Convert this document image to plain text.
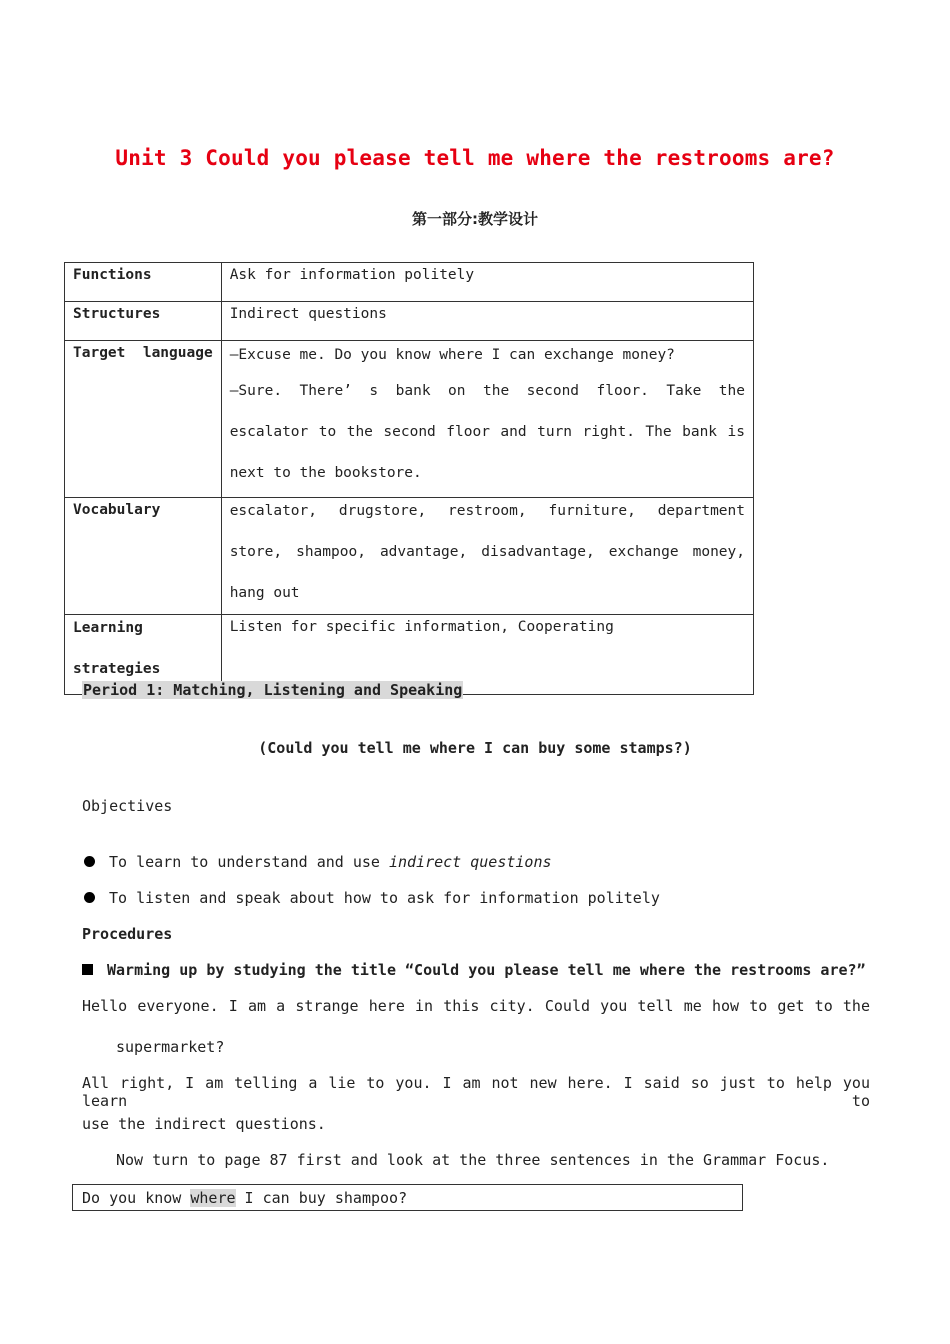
Unit 3 Could you please tell me where the restrooms are?
第一部分:教学设计
Functions	Ask for information politely
Structures	Indirect questions
Target  language	—Excuse me. Do you know where I can exchange money?
—Sure. There’ s bank on the second floor. Take the escalator to the second floor and turn right. The bank is next to the bookstore.

Vocabulary	escalator, drugstore, restroom, furniture, department store, shampoo, advantage, disadvantage, exchange money, hang out

Learning
strategies	Listen for specific information, Cooperating
Period 1: Matching, Listening and Speaking
(Could you tell me where I can buy some stamps?)
Objectives
To learn to understand and use indirect questions
To listen and speak about how to ask for information politely
Procedures
Warming up by studying the title “Could you please tell me where the restrooms are?”
Hello everyone. I am a strange here in this city. Could you tell me how to get to the
supermarket?
All right, I am telling a lie to you. I am not new here. I said so just to help you learn to
use the indirect questions.
Now turn to page 87 first and look at the three sentences in the Grammar Focus.
Do you know where I can buy shampoo?
